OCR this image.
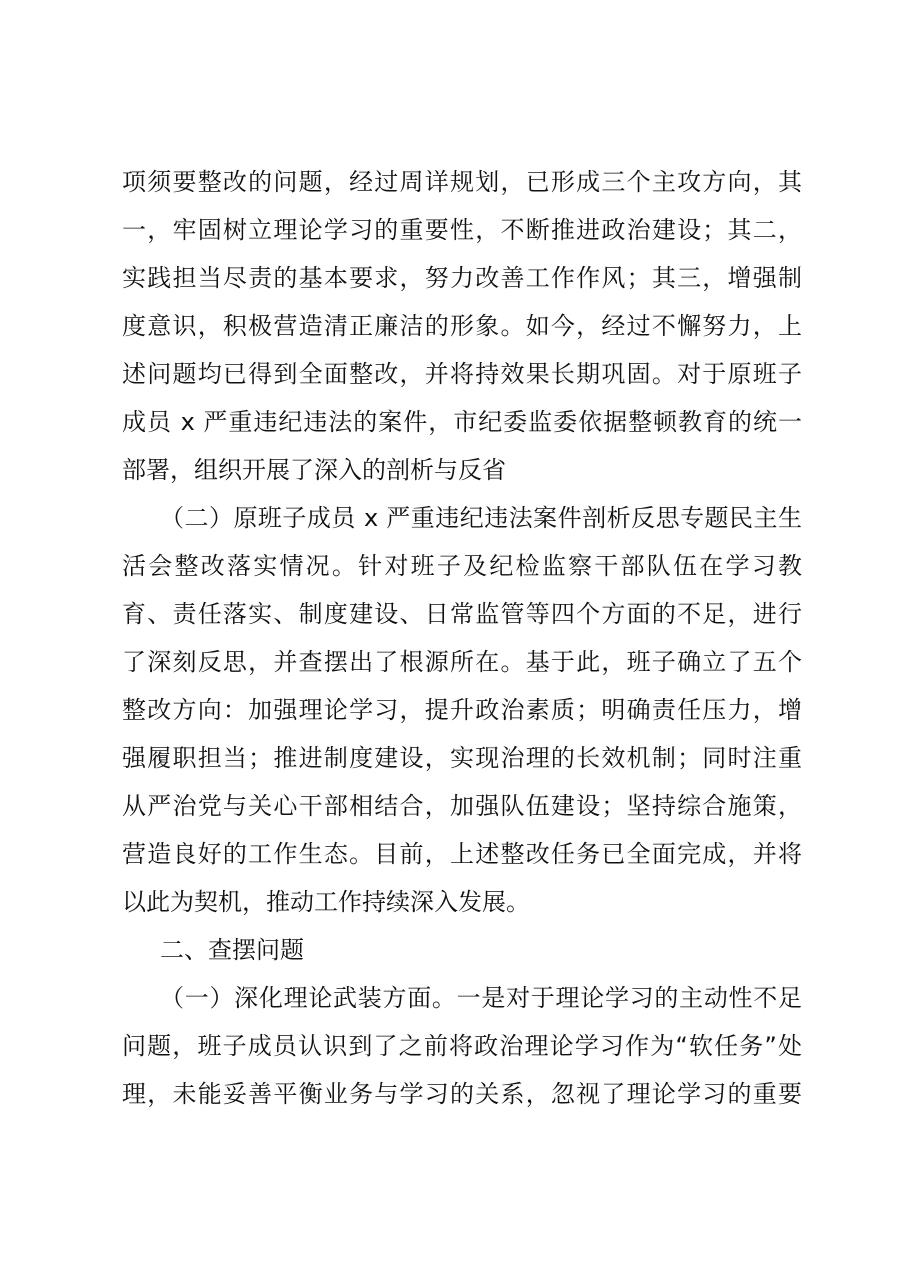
项须要整改的问题，经过周详规划，已形成三个主攻方向，其
一，牢固树立理论学习的重要性，不断推进政治建设；其二，
实践担当尽责的基本要求，努力改善工作作风；其三，增强制
度意识，积极营造清正廉洁的形象。如今，经过不懈努力，上
述问题均已得到全面整改，并将持效果长期巩固。对于原班子
成员 x 严重违纪违法的案件，市纪委监委依据整顿教育的统一
部署，组织开展了深入的剖析与反省
（二）原班子成员 x 严重违纪违法案件剖析反思专题民主生
活会整改落实情况。针对班子及纪检监察干部队伍在学习教
育、责任落实、制度建设、日常监管等四个方面的不足，进行
了深刻反思，并查摆出了根源所在。基于此，班子确立了五个
整改方向：加强理论学习，提升政治素质；明确责任压力，增
强履职担当；推进制度建设，实现治理的长效机制；同时注重
从严治党与关心干部相结合，加强队伍建设；坚持综合施策，
营造良好的工作生态。目前，上述整改任务已全面完成，并将
以此为契机，推动工作持续深入发展。
二、查摆问题
（一）深化理论武装方面。一是对于理论学习的主动性不足
问题，班子成员认识到了之前将政治理论学习作为“软任务”处
理，未能妥善平衡业务与学习的关系，忽视了理论学习的重要
